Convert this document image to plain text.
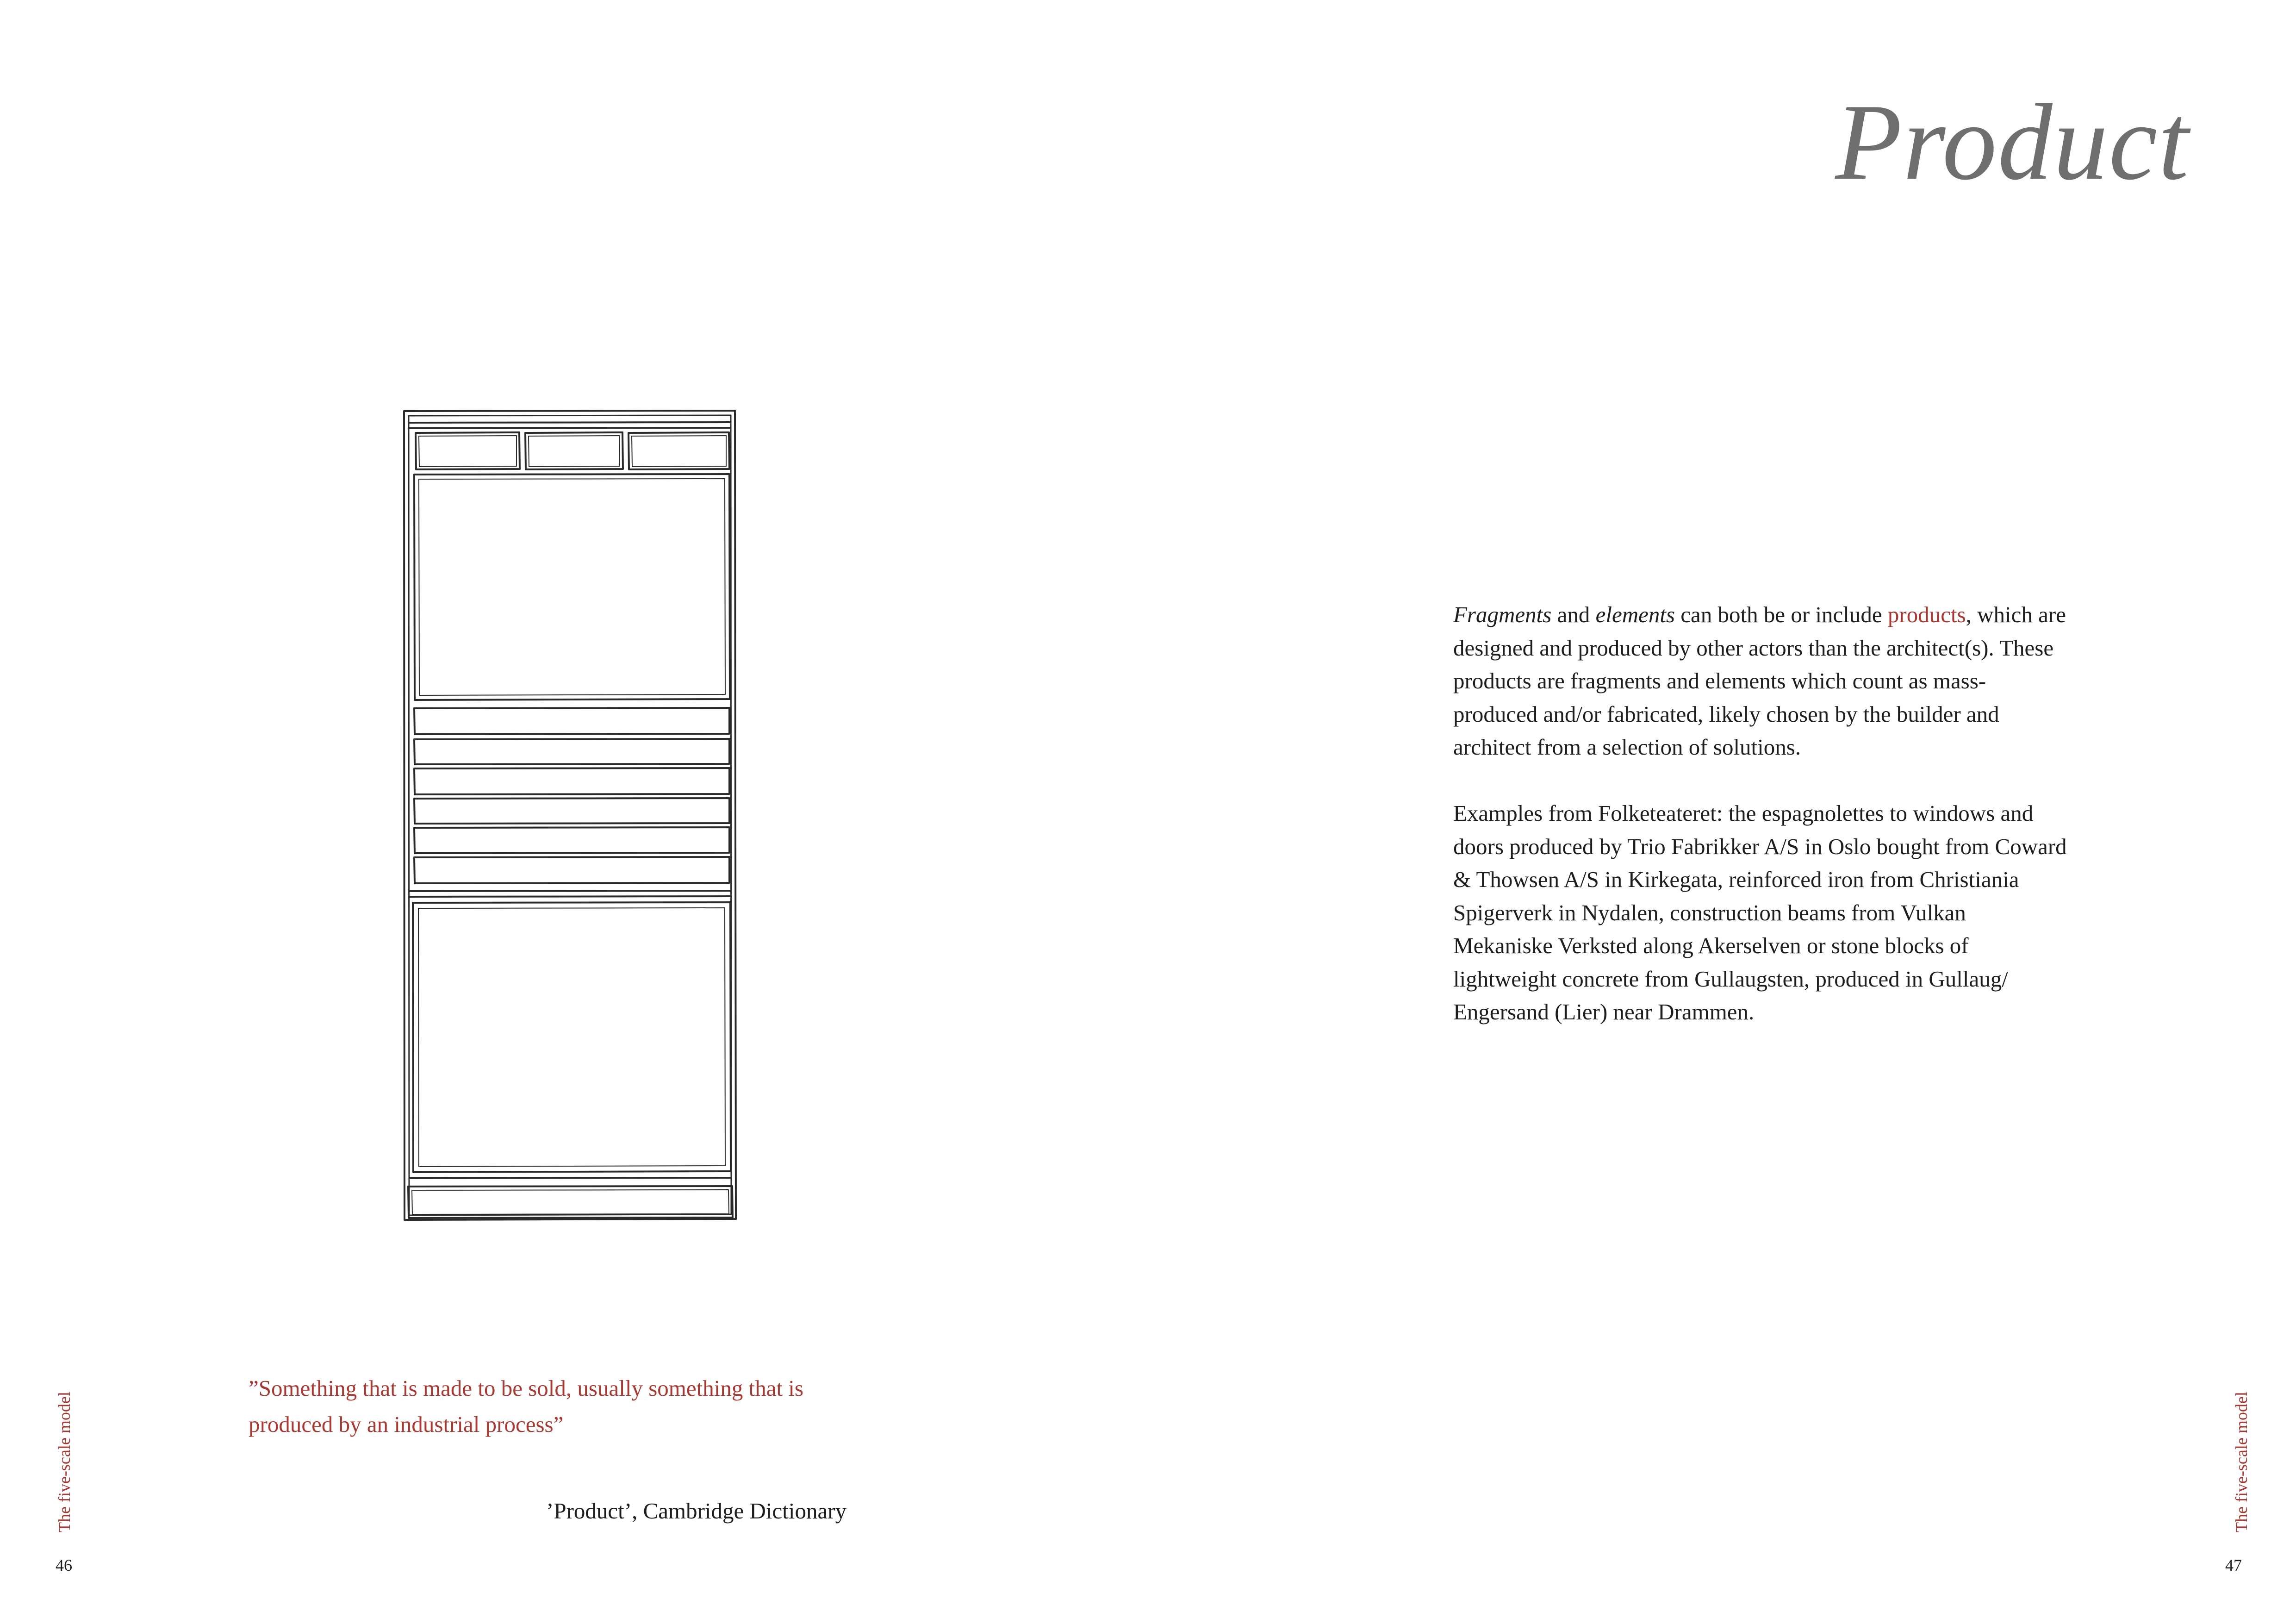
Product

Fragments and elements can both be or include products, which are designed and produced by other actors than the architect(s). These products are fragments and elements which count as mass-produced and/or fabricated, likely chosen by the builder and architect from a selection of solutions.

Examples from Folketeateret: the espagnolettes to windows and doors produced by Trio Fabrikker A/S in Oslo bought from Coward & Thowsen A/S in Kirkegata, reinforced iron from Christiania Spigerverk in Nydalen, construction beams from Vulkan Mekaniske Verksted along Akerselven or stone blocks of lightweight concrete from Gullaugsten, produced in Gullaug/ Engersand (Lier) near Drammen.

”Something that is made to be sold, usually something that is
produced by an industrial process”
’Product’, Cambridge Dictionary
The five-scale model
46
The five-scale model
47
